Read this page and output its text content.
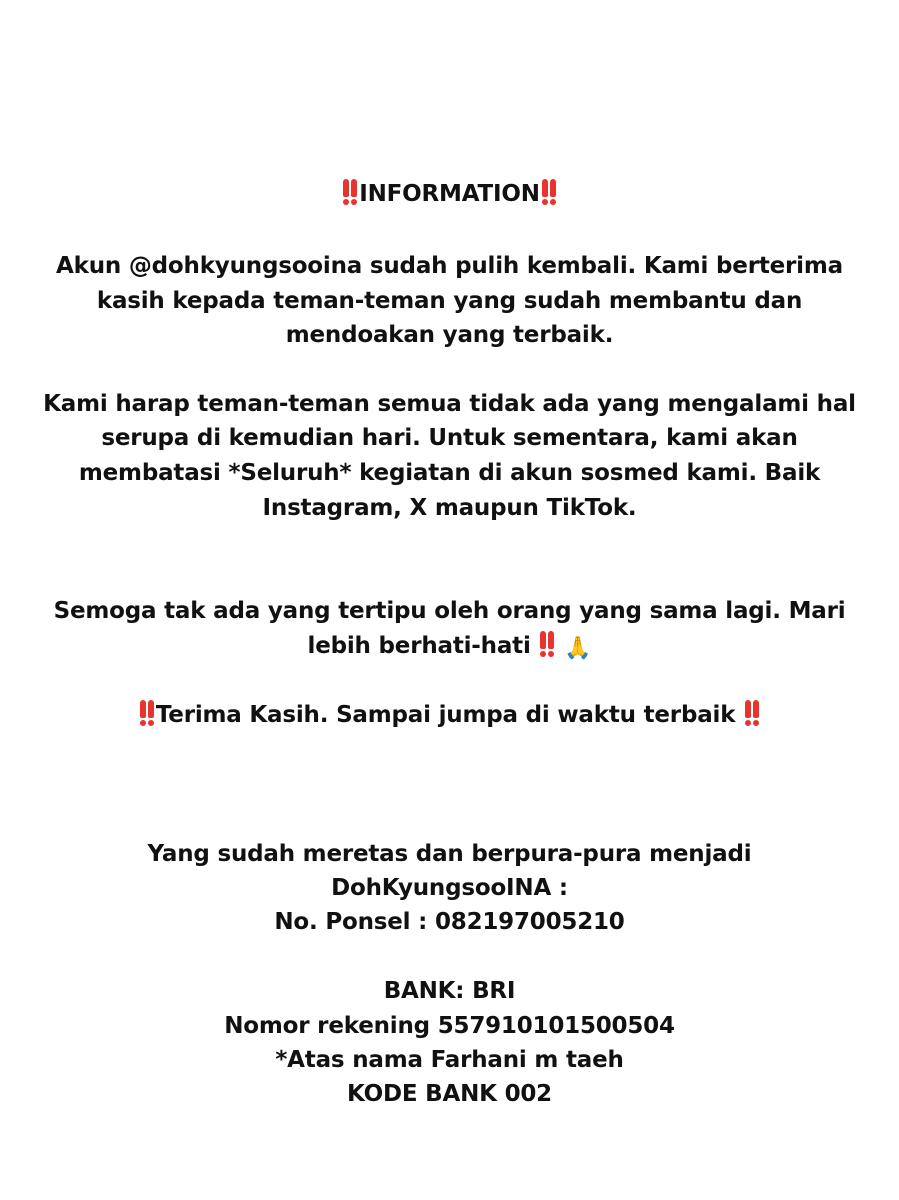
INFORMATION
Akun @dohkyungsooina sudah pulih kembali. Kami berterima
kasih kepada teman-teman yang sudah membantu dan
mendoakan yang terbaik.
Kami harap teman-teman semua tidak ada yang mengalami hal
serupa di kemudian hari. Untuk sementara, kami akan
membatasi *Seluruh* kegiatan di akun sosmed kami. Baik
Instagram, X maupun TikTok.
Semoga tak ada yang tertipu oleh orang yang sama lagi. Mari
lebih berhati-hati 🙏
Terima Kasih. Sampai jumpa di waktu terbaik
Yang sudah meretas dan berpura-pura menjadi
DohKyungsooINA :
No. Ponsel : 082197005210
BANK: BRI
Nomor rekening 557910101500504
*Atas nama Farhani m taeh
KODE BANK 002
